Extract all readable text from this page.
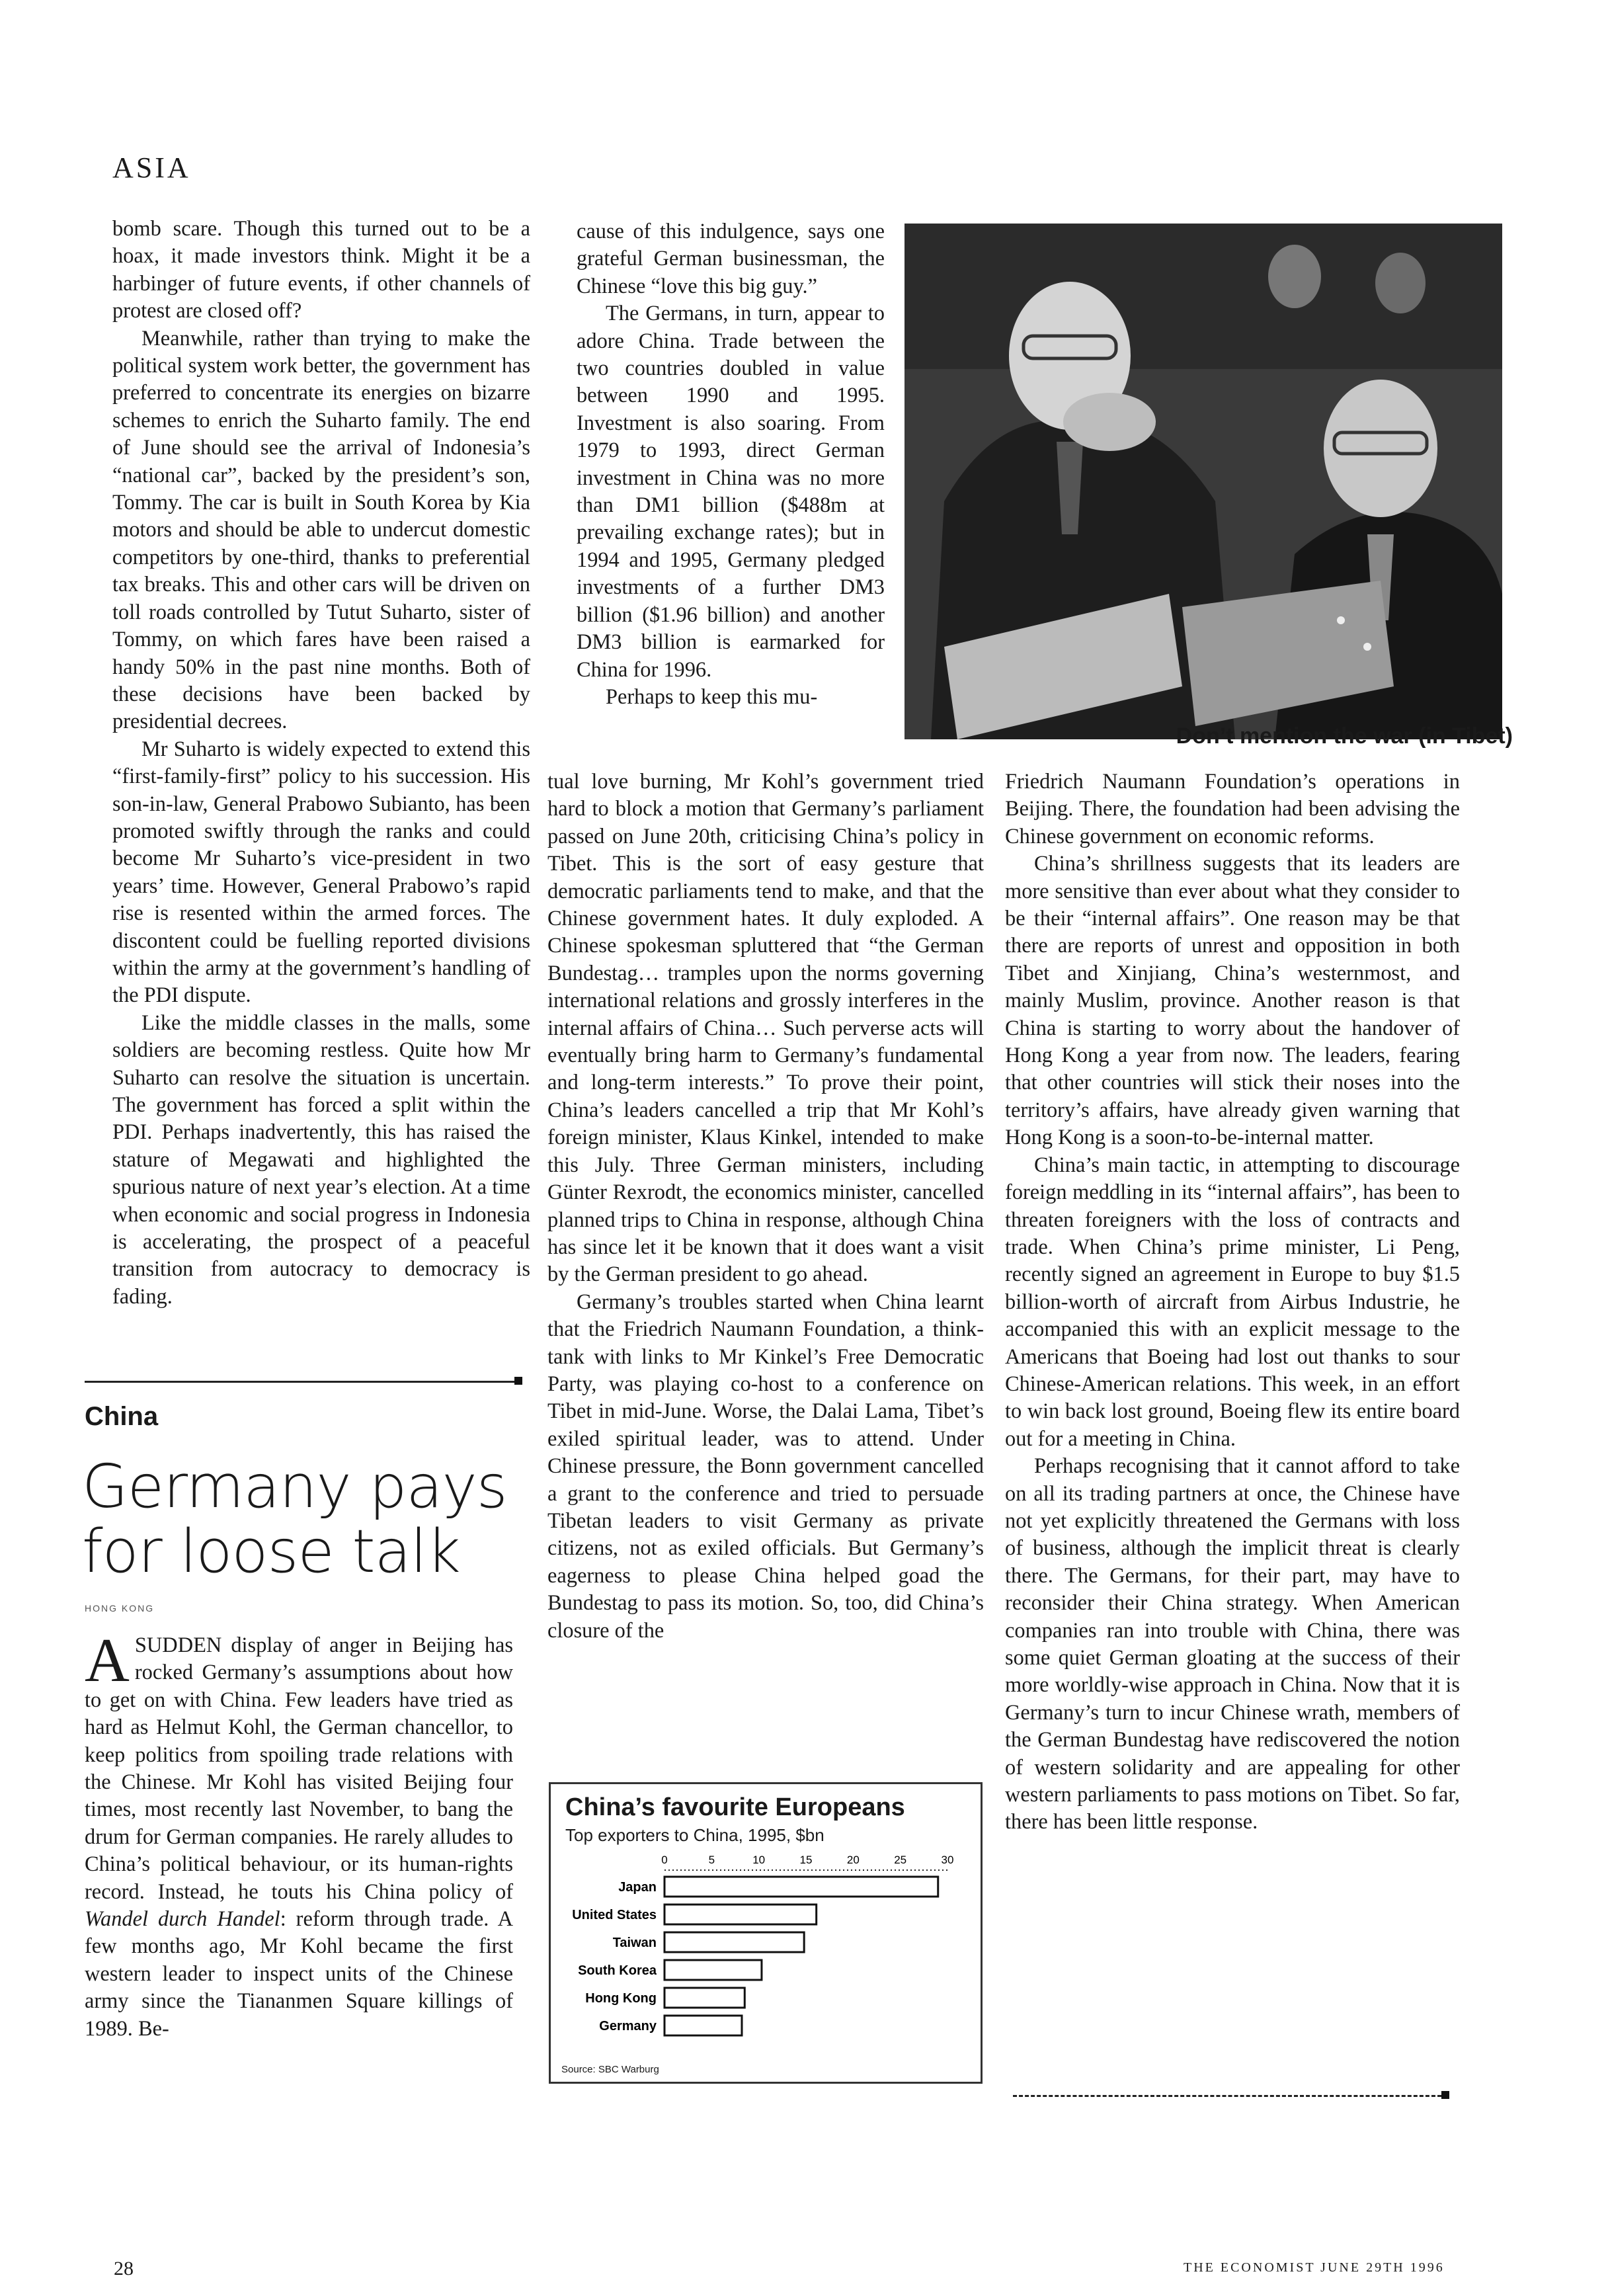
ASIA

bomb scare. Though this turned out to be a hoax, it made investors think. Might it be a harbinger of future events, if other channels of protest are closed off?

Meanwhile, rather than trying to make the political system work better, the government has preferred to concentrate its energies on bizarre schemes to enrich the Suharto family. The end of June should see the arrival of Indonesia’s “national car”, backed by the president’s son, Tommy. The car is built in South Korea by Kia motors and should be able to undercut domestic competitors by one-third, thanks to preferential tax breaks. This and other cars will be driven on toll roads controlled by Tutut Suharto, sister of Tommy, on which fares have been raised a handy 50% in the past nine months. Both of these decisions have been backed by presidential decrees.

Mr Suharto is widely expected to extend this “first-family-first” policy to his succession. His son-in-law, General Prabowo Subianto, has been promoted swiftly through the ranks and could become Mr Suharto’s vice-president in two years’ time. However, General Prabowo’s rapid rise is resented within the armed forces. The discontent could be fuelling reported divisions within the army at the government’s handling of the PDI dispute.

Like the middle classes in the malls, some soldiers are becoming restless. Quite how Mr Suharto can resolve the situation is uncertain. The government has forced a split within the PDI. Perhaps inadvertently, this has raised the stature of Megawati and highlighted the spurious nature of next year’s election. At a time when economic and social progress in Indonesia is accelerating, the prospect of a peaceful transition from autocracy to democracy is fading.

China
Germany pays for loose talk
HONG KONG

ASUDDEN display of anger in Beijing has rocked Germany’s assumptions about how to get on with China. Few leaders have tried as hard as Helmut Kohl, the German chancellor, to keep politics from spoiling trade relations with the Chinese. Mr Kohl has visited Beijing four times, most recently last November, to bang the drum for German companies. He rarely alludes to China’s political behaviour, or its human-rights record. Instead, he touts his China policy of Wandel durch Handel: reform through trade. A few months ago, Mr Kohl became the first western leader to inspect units of the Chinese army since the Tiananmen Square killings of 1989. Be-

cause of this indulgence, says one grateful German businessman, the Chinese “love this big guy.”

The Germans, in turn, appear to adore China. Trade between the two countries doubled in value between 1990 and 1995. Investment is also soaring. From 1979 to 1993, direct German investment in China was no more than DM1 billion ($488m at prevailing exchange rates); but in 1994 and 1995, Germany pledged investments of a further DM3 billion ($1.96 billion) and another DM3 billion is earmarked for China for 1996.

Perhaps to keep this mu-

Don’t mention the war (in Tibet)

tual love burning, Mr Kohl’s government tried hard to block a motion that Germany’s parliament passed on June 20th, criticising China’s policy in Tibet. This is the sort of easy gesture that democratic parliaments tend to make, and that the Chinese government hates. It duly exploded. A Chinese spokesman spluttered that “the German Bundestag… tramples upon the norms governing international relations and grossly interferes in the internal affairs of China… Such perverse acts will eventually bring harm to Germany’s fundamental and long-term interests.” To prove their point, China’s leaders cancelled a trip that Mr Kohl’s foreign minister, Klaus Kinkel, intended to make this July. Three German ministers, including Günter Rexrodt, the economics minister, cancelled planned trips to China in response, although China has since let it be known that it does want a visit by the German president to go ahead.

Germany’s troubles started when China learnt that the Friedrich Naumann Foundation, a think-tank with links to Mr Kinkel’s Free Democratic Party, was playing co-host to a conference on Tibet in mid-June. Worse, the Dalai Lama, Tibet’s exiled spiritual leader, was to attend. Under Chinese pressure, the Bonn government cancelled a grant to the conference and tried to persuade Tibetan leaders to visit Germany as private citizens, not as exiled officials. But Germany’s eagerness to please China helped goad the Bundestag to pass its motion. So, too, did China’s closure of the

China’s favourite Europeans
Top exporters to China, 1995, $bn
0	5	10	15	20	25	30
Japan
United States
Taiwan
South Korea
Hong Kong
Germany
Source: SBC Warburg

Friedrich Naumann Foundation’s operations in Beijing. There, the foundation had been advising the Chinese government on economic reforms.

China’s shrillness suggests that its leaders are more sensitive than ever about what they consider to be their “internal affairs”. One reason may be that there are reports of unrest and opposition in both Tibet and Xinjiang, China’s westernmost, and mainly Muslim, province. Another reason is that China is starting to worry about the handover of Hong Kong a year from now. The leaders, fearing that other countries will stick their noses into the territory’s affairs, have already given warning that Hong Kong is a soon-to-be-internal matter.

China’s main tactic, in attempting to discourage foreign meddling in its “internal affairs”, has been to threaten foreigners with the loss of contracts and trade. When China’s prime minister, Li Peng, recently signed an agreement in Europe to buy $1.5 billion-worth of aircraft from Airbus Industrie, he accompanied this with an explicit message to the Americans that Boeing had lost out thanks to sour Chinese-American relations. This week, in an effort to win back lost ground, Boeing flew its entire board out for a meeting in China.

Perhaps recognising that it cannot afford to take on all its trading partners at once, the Chinese have not yet explicitly threatened the Germans with loss of business, although the implicit threat is clearly there. The Germans, for their part, may have to reconsider their China strategy. When American companies ran into trouble with China, there was some quiet German gloating at the success of their more worldly-wise approach in China. Now that it is Germany’s turn to incur Chinese wrath, members of the German Bundestag have rediscovered the notion of western solidarity and are appealing for other western parliaments to pass motions on Tibet. So far, there has been little response.

28	THE ECONOMIST JUNE 29TH 1996
